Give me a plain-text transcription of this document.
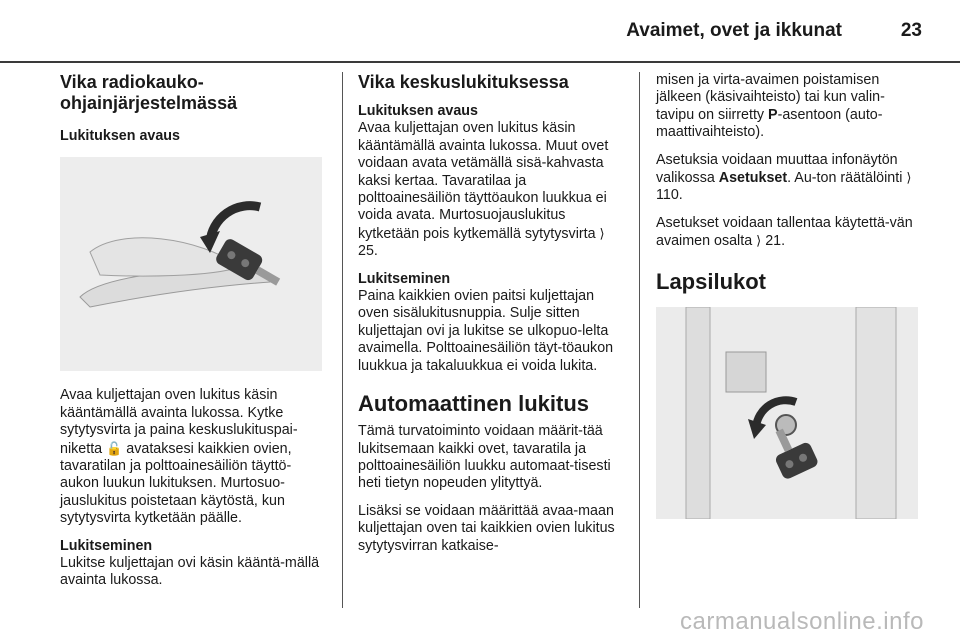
Avaimet, ovet ja ikkunat	23
Vika radiokauko-
ohjainjärjestelmässä
Lukituksen avaus

Avaa kuljettajan oven lukitus käsin kääntämällä avainta lukossa. Kytke sytytysvirta ja paina keskuslukituspai-niketta 🔓 avataksesi kaikkien ovien, tavaratilan ja polttoainesäiliön täyttö-aukon luukun lukituksen. Murtosuo-jauslukitus poistetaan käytöstä, kun sytytysvirta kytketään päälle.

Lukitseminen

Lukitse kuljettajan ovi käsin kääntä-mällä avainta lukossa.

Vika keskuslukituksessa
Lukituksen avaus

Avaa kuljettajan oven lukitus käsin kääntämällä avainta lukossa. Muut ovet voidaan avata vetämällä sisä-kahvasta kaksi kertaa. Tavaratilaa ja polttoainesäiliön täyttöaukon luukkua ei voida avata. Murtosuojauslukitus kytketään pois kytkemällä sytytysvirta ⟩ 25.

Lukitseminen

Paina kaikkien ovien paitsi kuljettajan oven sisälukitusnuppia. Sulje sitten kuljettajan ovi ja lukitse se ulkopuo-lelta avaimella. Polttoainesäiliön täyt-töaukon luukkua ja takaluukkua ei voida lukita.

Automaattinen lukitus

Tämä turvatoiminto voidaan määrit-tää lukitsemaan kaikki ovet, tavaratila ja polttoainesäiliön luukku automaat-tisesti heti tietyn nopeuden ylityttyä.

Lisäksi se voidaan määrittää avaa-maan kuljettajan oven tai kaikkien ovien lukitus sytytysvirran katkaise-

misen ja virta-avaimen poistamisen jälkeen (käsivaihteisto) tai kun valin-tavipu on siirretty P-asentoon (auto-maattivaihteisto).

Asetuksia voidaan muuttaa infonäytön valikossa Asetukset. Au-ton räätälöinti ⟩ 110.

Asetukset voidaan tallentaa käytettä-vän avaimen osalta ⟩ 21.

Lapsilukot
carmanualsonline.info
